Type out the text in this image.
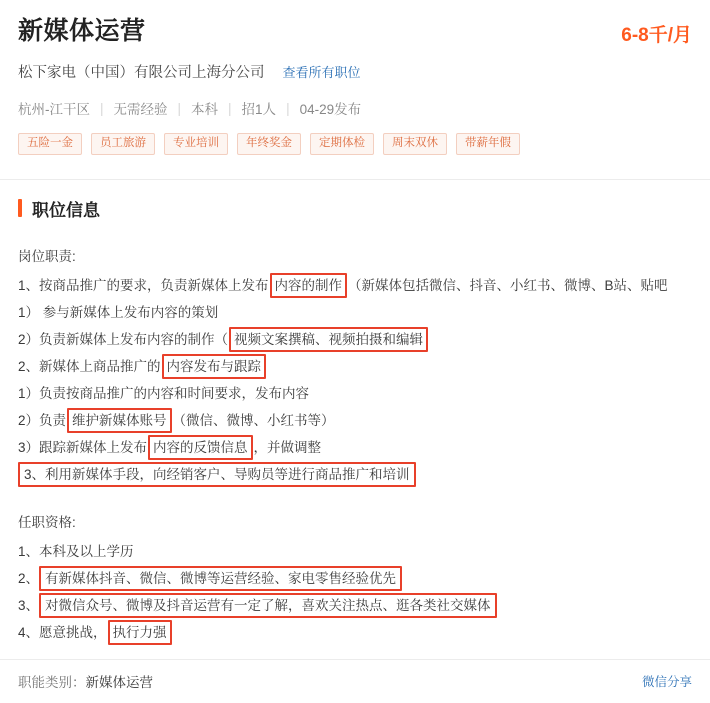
新媒体运营	6-8千/月
松下家电（中国）有限公司上海分公司 查看所有职位
杭州-江干区 | 无需经验 | 本科 | 招1人 | 04-29发布
五险一金	员工旅游	专业培训	年终奖金	定期体检	周末双休	带薪年假
职位信息
岗位职责:
1、按商品推广的要求，负责新媒体上发布 内容的制作 （新媒体包括微信、抖音、小红书、微博、B站、贴吧
1） 参与新媒体上发布内容的策划
2）负责新媒体上发布内容的制作（ 视频文案撰稿、视频拍摄和编辑
2、新媒体上商品推广的 内容发布与跟踪
1）负责按商品推广的内容和时间要求，发布内容
2）负责 维护新媒体账号 （微信、微博、小红书等）
3）跟踪新媒体上发布 内容的反馈信息 ，并做调整
3、利用新媒体手段，向经销客户、导购员等进行商品推广和培训
任职资格:
1、本科及以上学历
2、 有新媒体抖音、微信、微博等运营经验、家电零售经验优先
3、 对微信众号、微博及抖音运营有一定了解，喜欢关注热点、逛各类社交媒体
4、愿意挑战， 执行力强
职能类别：新媒体运营	微信分享
